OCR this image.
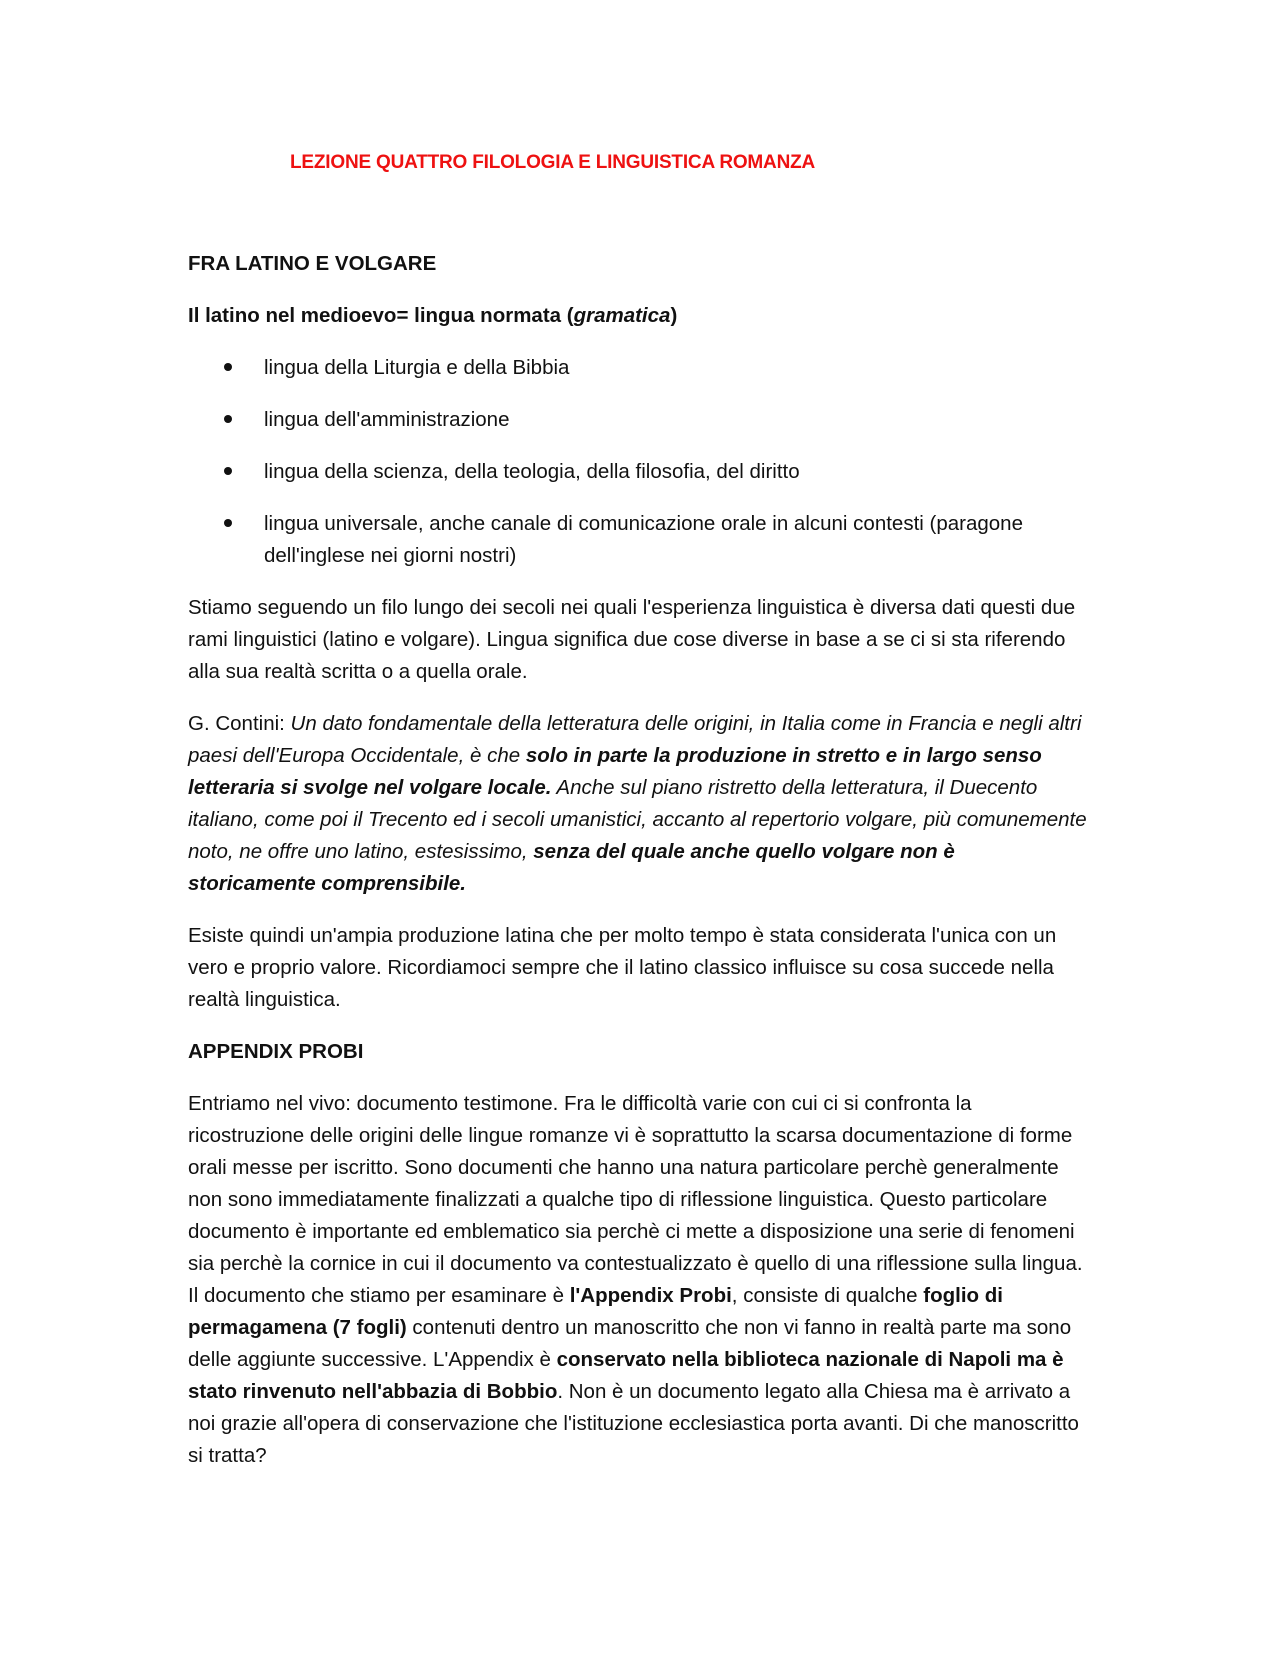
LEZIONE QUATTRO FILOLOGIA E LINGUISTICA ROMANZA

FRA LATINO E VOLGARE

Il latino nel medioevo= lingua normata (gramatica)

lingua della Liturgia e della Bibbia
lingua dell'amministrazione
lingua della scienza, della teologia, della filosofia, del diritto
lingua universale, anche canale di comunicazione orale in alcuni contesti (paragone dell'inglese nei giorni nostri)

Stiamo seguendo un filo lungo dei secoli nei quali l'esperienza linguistica è diversa dati questi due rami linguistici (latino e volgare). Lingua significa due cose diverse in base a se ci si sta riferendo alla sua realtà scritta o a quella orale.

G. Contini: Un dato fondamentale della letteratura delle origini, in Italia come in Francia e negli altri paesi dell'Europa Occidentale, è che solo in parte la produzione in stretto e in largo senso letteraria si svolge nel volgare locale. Anche sul piano ristretto della letteratura, il Duecento italiano, come poi il Trecento ed i secoli umanistici, accanto al repertorio volgare, più comunemente noto, ne offre uno latino, estesissimo, senza del quale anche quello volgare non è storicamente comprensibile.

Esiste quindi un'ampia produzione latina che per molto tempo è stata considerata l'unica con un vero e proprio valore. Ricordiamoci sempre che il latino classico influisce su cosa succede nella realtà linguistica.

APPENDIX PROBI

Entriamo nel vivo: documento testimone. Fra le difficoltà varie con cui ci si confronta la ricostruzione delle origini delle lingue romanze vi è soprattutto la scarsa documentazione di forme orali messe per iscritto. Sono documenti che hanno una natura particolare perchè generalmente non sono immediatamente finalizzati a qualche tipo di riflessione linguistica. Questo particolare documento è importante ed emblematico sia perchè ci mette a disposizione una serie di fenomeni sia perchè la cornice in cui il documento va contestualizzato è quello di una riflessione sulla lingua. Il documento che stiamo per esaminare è l'Appendix Probi, consiste di qualche foglio di permagamena (7 fogli) contenuti dentro un manoscritto che non vi fanno in realtà parte ma sono delle aggiunte successive. L'Appendix è conservato nella biblioteca nazionale di Napoli ma è stato rinvenuto nell'abbazia di Bobbio. Non è un documento legato alla Chiesa ma è arrivato a noi grazie all'opera di conservazione che l'istituzione ecclesiastica porta avanti. Di che manoscritto si tratta?
